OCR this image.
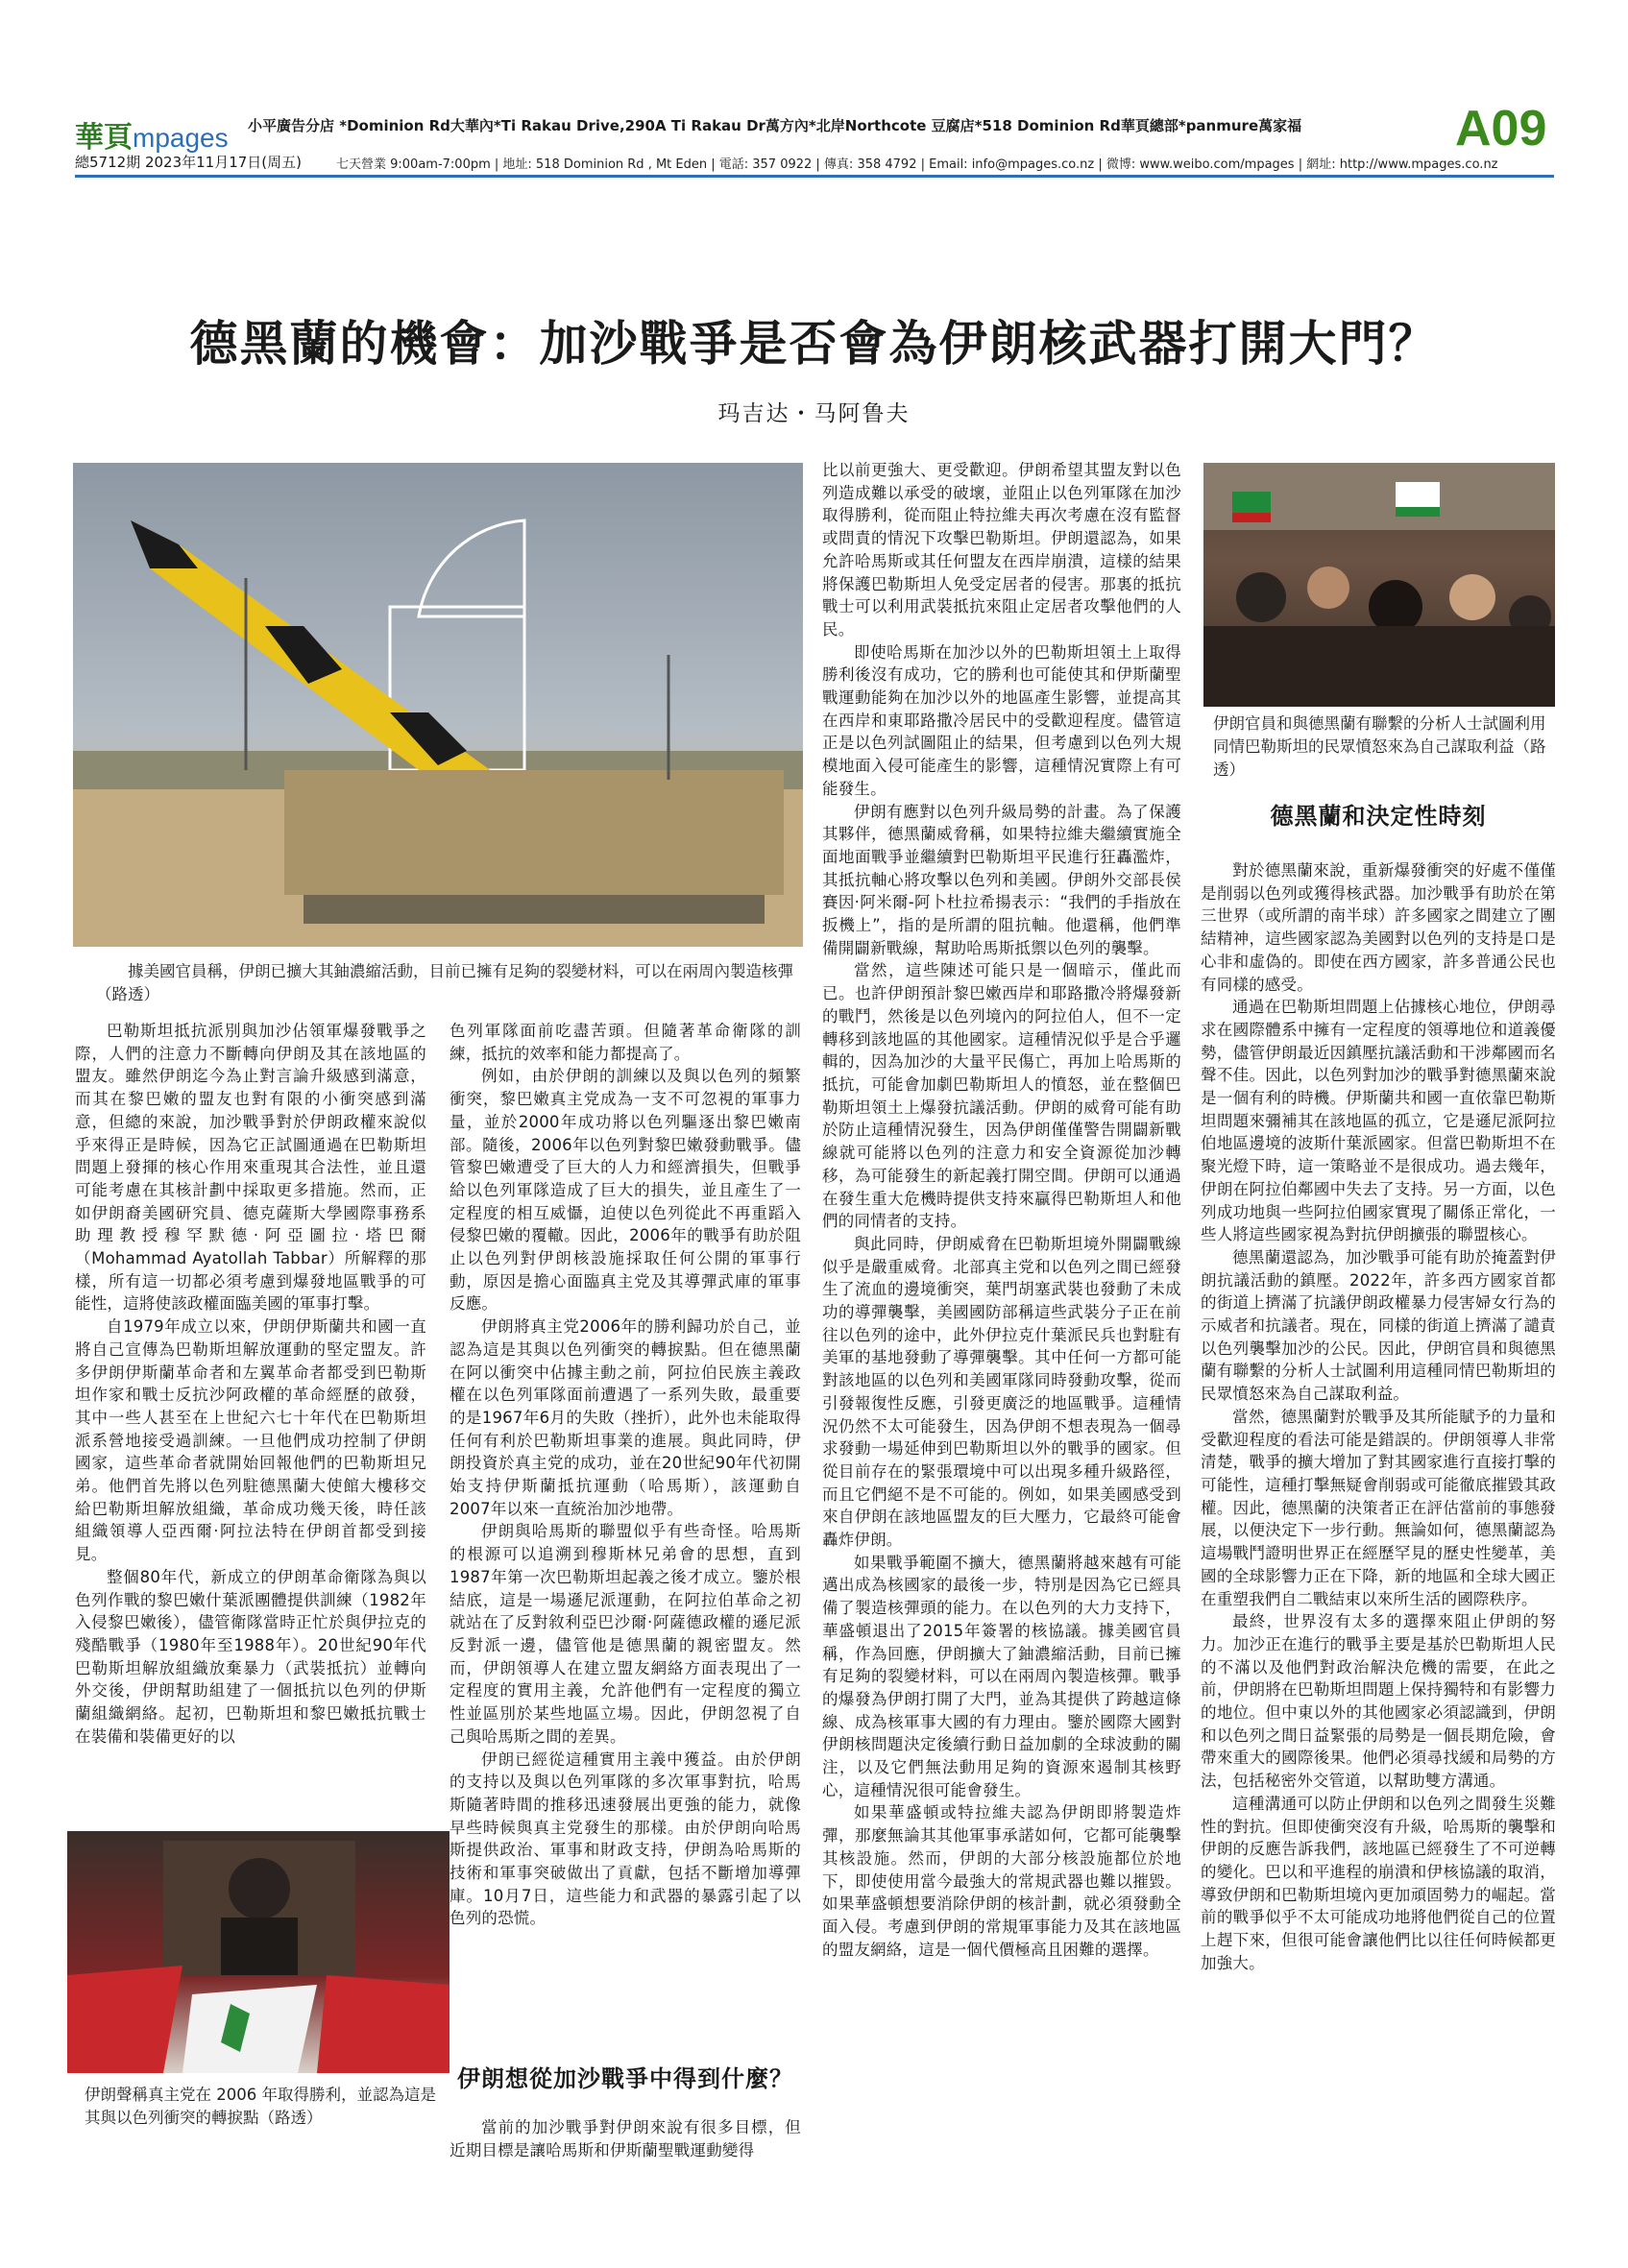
華頁mpages 小平廣告分店 *Dominion Rd大華內*Ti Rakau Drive,290A Ti Rakau Dr萬方內*北岸Northcote 豆腐店*518 Dominion Rd華頁總部*panmure萬家福
總5712期 2023年11月17日(周五)	七天營業 9:00am-7:00pm | 地址: 518 Dominion Rd , Mt Eden | 電話: 357 0922 | 傳真: 358 4792 | Email: info@mpages.co.nz | 微博: www.weibo.com/mpages | 網址: http://www.mpages.co.nz
A09
德黑蘭的機會：加沙戰爭是否會為伊朗核武器打開大門？
玛吉达・马阿鲁夫
據美國官員稱，伊朗已擴大其鈾濃縮活動，目前已擁有足夠的裂變材料，可以在兩周內製造核彈（路透）
伊朗官員和與德黑蘭有聯繫的分析人士試圖利用同情巴勒斯坦的民眾憤怒來為自己謀取利益（路透）
伊朗聲稱真主党在 2006 年取得勝利，並認為這是其與以色列衝突的轉捩點（路透）

巴勒斯坦抵抗派別與加沙佔領軍爆發戰爭之際，人們的注意力不斷轉向伊朗及其在該地區的盟友。雖然伊朗迄今為止對言論升級感到滿意，而其在黎巴嫩的盟友也對有限的小衝突感到滿意，但總的來說，加沙戰爭對於伊朗政權來說似乎來得正是時候，因為它正試圖通過在巴勒斯坦問題上發揮的核心作用來重現其合法性，並且還可能考慮在其核計劃中採取更多措施。然而，正如伊朗裔美國研究員、德克薩斯大學國際事務系助理教授穆罕默德·阿亞圖拉·塔巴爾（Mohammad Ayatollah Tabbar）所解釋的那樣，所有這一切都必須考慮到爆發地區戰爭的可能性，這將使該政權面臨美國的軍事打擊。

自1979年成立以來，伊朗伊斯蘭共和國一直將自己宣傳為巴勒斯坦解放運動的堅定盟友。許多伊朗伊斯蘭革命者和左翼革命者都受到巴勒斯坦作家和戰士反抗沙阿政權的革命經歷的啟發，其中一些人甚至在上世紀六七十年代在巴勒斯坦派系營地接受過訓練。一旦他們成功控制了伊朗國家，這些革命者就開始回報他們的巴勒斯坦兄弟。他們首先將以色列駐德黑蘭大使館大樓移交給巴勒斯坦解放組織，革命成功幾天後，時任該組織領導人亞西爾·阿拉法特在伊朗首都受到接見。

整個80年代，新成立的伊朗革命衛隊為與以色列作戰的黎巴嫩什葉派團體提供訓練（1982年入侵黎巴嫩後），儘管衛隊當時正忙於與伊拉克的殘酷戰爭（1980年至1988年）。20世紀90年代巴勒斯坦解放組織放棄暴力（武裝抵抗）並轉向外交後，伊朗幫助組建了一個抵抗以色列的伊斯蘭組織網絡。起初，巴勒斯坦和黎巴嫩抵抗戰士在裝備和裝備更好的以

色列軍隊面前吃盡苦頭。但隨著革命衛隊的訓練，抵抗的效率和能力都提高了。

例如，由於伊朗的訓練以及與以色列的頻繁衝突，黎巴嫩真主党成為一支不可忽視的軍事力量，並於2000年成功將以色列驅逐出黎巴嫩南部。隨後，2006年以色列對黎巴嫩發動戰爭。儘管黎巴嫩遭受了巨大的人力和經濟損失，但戰爭給以色列軍隊造成了巨大的損失，並且產生了一定程度的相互威懾，迫使以色列從此不再重蹈入侵黎巴嫩的覆轍。因此，2006年的戰爭有助於阻止以色列對伊朗核設施採取任何公開的軍事行動，原因是擔心面臨真主党及其導彈武庫的軍事反應。

伊朗將真主党2006年的勝利歸功於自己，並認為這是其與以色列衝突的轉捩點。但在德黑蘭在阿以衝突中佔據主動之前，阿拉伯民族主義政權在以色列軍隊面前遭遇了一系列失敗，最重要的是1967年6月的失敗（挫折），此外也未能取得任何有利於巴勒斯坦事業的進展。與此同時，伊朗投資於真主党的成功，並在20世紀90年代初開始支持伊斯蘭抵抗運動（哈馬斯），該運動自2007年以來一直統治加沙地帶。

伊朗與哈馬斯的聯盟似乎有些奇怪。哈馬斯的根源可以追溯到穆斯林兄弟會的思想，直到1987年第一次巴勒斯坦起義之後才成立。鑒於根結底，這是一場遜尼派運動，在阿拉伯革命之初就站在了反對敘利亞巴沙爾·阿薩德政權的遜尼派反對派一邊，儘管他是德黑蘭的親密盟友。然而，伊朗領導人在建立盟友網絡方面表現出了一定程度的實用主義，允許他們有一定程度的獨立性並區別於某些地區立場。因此，伊朗忽視了自己與哈馬斯之間的差異。

伊朗已經從這種實用主義中獲益。由於伊朗的支持以及與以色列軍隊的多次軍事對抗，哈馬斯隨著時間的推移迅速發展出更強的能力，就像早些時候與真主党發生的那樣。由於伊朗向哈馬斯提供政治、軍事和財政支持，伊朗為哈馬斯的技術和軍事突破做出了貢獻，包括不斷增加導彈庫。10月7日，這些能力和武器的暴露引起了以色列的恐慌。

伊朗想從加沙戰爭中得到什麼？

當前的加沙戰爭對伊朗來說有很多目標，但近期目標是讓哈馬斯和伊斯蘭聖戰運動變得

比以前更強大、更受歡迎。伊朗希望其盟友對以色列造成難以承受的破壞，並阻止以色列軍隊在加沙取得勝利，從而阻止特拉維夫再次考慮在沒有監督或問責的情況下攻擊巴勒斯坦。伊朗還認為，如果允許哈馬斯或其任何盟友在西岸崩潰，這樣的結果將保護巴勒斯坦人免受定居者的侵害。那裏的抵抗戰士可以利用武裝抵抗來阻止定居者攻擊他們的人民。

即使哈馬斯在加沙以外的巴勒斯坦領土上取得勝利後沒有成功，它的勝利也可能使其和伊斯蘭聖戰運動能夠在加沙以外的地區產生影響，並提高其在西岸和東耶路撒冷居民中的受歡迎程度。儘管這正是以色列試圖阻止的結果，但考慮到以色列大規模地面入侵可能產生的影響，這種情況實際上有可能發生。

伊朗有應對以色列升級局勢的計畫。為了保護其夥伴，德黑蘭威脅稱，如果特拉維夫繼續實施全面地面戰爭並繼續對巴勒斯坦平民進行狂轟濫炸，其抵抗軸心將攻擊以色列和美國。伊朗外交部長侯賽因·阿米爾-阿卜杜拉希揚表示：“我們的手指放在扳機上”，指的是所謂的阻抗軸。他還稱，他們準備開闢新戰線，幫助哈馬斯抵禦以色列的襲擊。

當然，這些陳述可能只是一個暗示，僅此而已。也許伊朗預計黎巴嫩西岸和耶路撒冷將爆發新的戰鬥，然後是以色列境內的阿拉伯人，但不一定轉移到該地區的其他國家。這種情況似乎是合乎邏輯的，因為加沙的大量平民傷亡，再加上哈馬斯的抵抗，可能會加劇巴勒斯坦人的憤怒，並在整個巴勒斯坦領土上爆發抗議活動。伊朗的威脅可能有助於防止這種情況發生，因為伊朗僅僅警告開闢新戰線就可能將以色列的注意力和安全資源從加沙轉移，為可能發生的新起義打開空間。伊朗可以通過在發生重大危機時提供支持來贏得巴勒斯坦人和他們的同情者的支持。

與此同時，伊朗威脅在巴勒斯坦境外開闢戰線似乎是嚴重威脅。北部真主党和以色列之間已經發生了流血的邊境衝突，葉門胡塞武裝也發動了未成功的導彈襲擊，美國國防部稱這些武裝分子正在前往以色列的途中，此外伊拉克什葉派民兵也對駐有美軍的基地發動了導彈襲擊。其中任何一方都可能對該地區的以色列和美國軍隊同時發動攻擊，從而引發報復性反應，引發更廣泛的地區戰爭。這種情況仍然不太可能發生，因為伊朗不想表現為一個尋求發動一場延伸到巴勒斯坦以外的戰爭的國家。但從目前存在的緊張環境中可以出現多種升級路徑，而且它們絕不是不可能的。例如，如果美國感受到來自伊朗在該地區盟友的巨大壓力，它最終可能會轟炸伊朗。

如果戰爭範圍不擴大，德黑蘭將越來越有可能邁出成為核國家的最後一步，特別是因為它已經具備了製造核彈頭的能力。在以色列的大力支持下，華盛頓退出了2015年簽署的核協議。據美國官員稱，作為回應，伊朗擴大了鈾濃縮活動，目前已擁有足夠的裂變材料，可以在兩周內製造核彈。戰爭的爆發為伊朗打開了大門，並為其提供了跨越這條線、成為核軍事大國的有力理由。鑒於國際大國對伊朗核問題決定後續行動日益加劇的全球波動的關注，以及它們無法動用足夠的資源來遏制其核野心，這種情況很可能會發生。

如果華盛頓或特拉維夫認為伊朗即將製造炸彈，那麼無論其其他軍事承諾如何，它都可能襲擊其核設施。然而，伊朗的大部分核設施都位於地下，即使使用當今最強大的常規武器也難以摧毀。如果華盛頓想要消除伊朗的核計劃，就必須發動全面入侵。考慮到伊朗的常規軍事能力及其在該地區的盟友網絡，這是一個代價極高且困難的選擇。

德黑蘭和決定性時刻

對於德黑蘭來說，重新爆發衝突的好處不僅僅是削弱以色列或獲得核武器。加沙戰爭有助於在第三世界（或所謂的南半球）許多國家之間建立了團結精神，這些國家認為美國對以色列的支持是口是心非和虛偽的。即使在西方國家，許多普通公民也有同樣的感受。

通過在巴勒斯坦問題上佔據核心地位，伊朗尋求在國際體系中擁有一定程度的領導地位和道義優勢，儘管伊朗最近因鎮壓抗議活動和干涉鄰國而名聲不佳。因此，以色列對加沙的戰爭對德黑蘭來說是一個有利的時機。伊斯蘭共和國一直依靠巴勒斯坦問題來彌補其在該地區的孤立，它是遜尼派阿拉伯地區邊境的波斯什葉派國家。但當巴勒斯坦不在聚光燈下時，這一策略並不是很成功。過去幾年，伊朗在阿拉伯鄰國中失去了支持。另一方面，以色列成功地與一些阿拉伯國家實現了關係正常化，一些人將這些國家視為對抗伊朗擴張的聯盟核心。

德黑蘭還認為，加沙戰爭可能有助於掩蓋對伊朗抗議活動的鎮壓。2022年，許多西方國家首都的街道上擠滿了抗議伊朗政權暴力侵害婦女行為的示威者和抗議者。現在，同樣的街道上擠滿了譴責以色列襲擊加沙的公民。因此，伊朗官員和與德黑蘭有聯繫的分析人士試圖利用這種同情巴勒斯坦的民眾憤怒來為自己謀取利益。

當然，德黑蘭對於戰爭及其所能賦予的力量和受歡迎程度的看法可能是錯誤的。伊朗領導人非常清楚，戰爭的擴大增加了對其國家進行直接打擊的可能性，這種打擊無疑會削弱或可能徹底摧毀其政權。因此，德黑蘭的決策者正在評估當前的事態發展，以便決定下一步行動。無論如何，德黑蘭認為這場戰鬥證明世界正在經歷罕見的歷史性變革，美國的全球影響力正在下降，新的地區和全球大國正在重塑我們自二戰結束以來所生活的國際秩序。

最終，世界沒有太多的選擇來阻止伊朗的努力。加沙正在進行的戰爭主要是基於巴勒斯坦人民的不滿以及他們對政治解決危機的需要，在此之前，伊朗將在巴勒斯坦問題上保持獨特和有影響力的地位。但中東以外的其他國家必須認識到，伊朗和以色列之間日益緊張的局勢是一個長期危險，會帶來重大的國際後果。他們必須尋找緩和局勢的方法，包括秘密外交管道，以幫助雙方溝通。

這種溝通可以防止伊朗和以色列之間發生災難性的對抗。但即使衝突沒有升級，哈馬斯的襲擊和伊朗的反應告訴我們，該地區已經發生了不可逆轉的變化。巴以和平進程的崩潰和伊核協議的取消，導致伊朗和巴勒斯坦境內更加頑固勢力的崛起。當前的戰爭似乎不太可能成功地將他們從自己的位置上趕下來，但很可能會讓他們比以往任何時候都更加強大。
